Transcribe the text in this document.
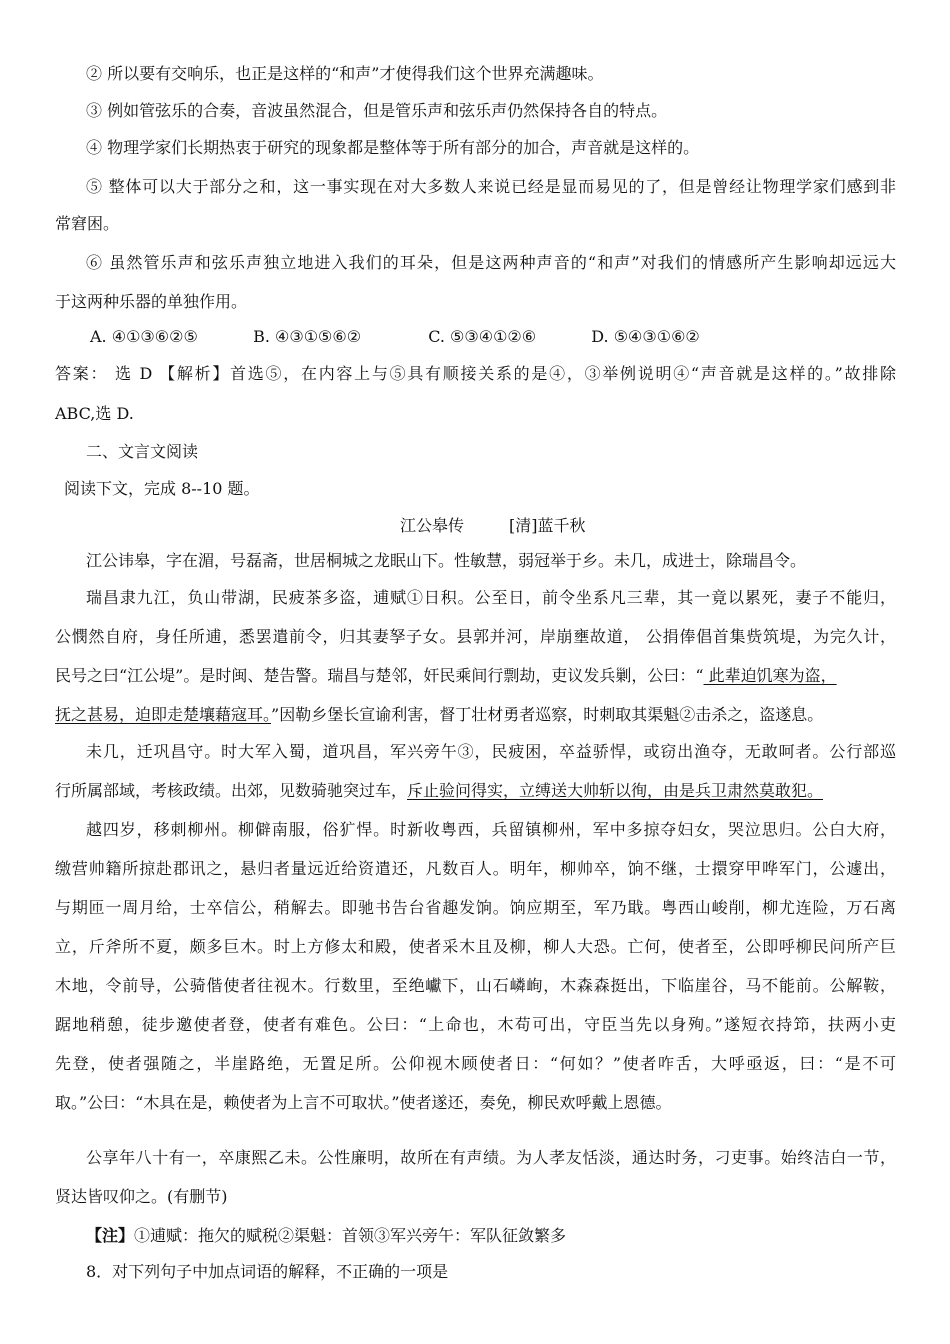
② 所以要有交响乐，也正是这样的“和声”才使得我们这个世界充满趣味。
③ 例如管弦乐的合奏，音波虽然混合，但是管乐声和弦乐声仍然保持各自的特点。
④ 物理学家们长期热衷于研究的现象都是整体等于所有部分的加合，声音就是这样的。
⑤ 整体可以大于部分之和，这一事实现在对大多数人来说已经是显而易见的了，但是曾经让物理学家们感到非
常窘困。
⑥ 虽然管乐声和弦乐声独立地进入我们的耳朵，但是这两种声音的“和声”对我们的情感所产生影响却远远大
于这两种乐器的单独作用。
A. ④①③⑥②⑤	B. ④③①⑤⑥②	C. ⑤③④①②⑥	D. ⑤④③①⑥②
答案： 选 D 【解析】首选⑤，在内容上与⑤具有顺接关系的是④，③举例说明④“声音就是这样的。”故排除
ABC,选 D.
二、文言文阅读
阅读下文，完成 8--10 题。
江公皋传	[清]蓝千秋
江公讳皋，字在湄，号磊斋，世居桐城之龙眠山下。性敏慧，弱冠举于乡。未几，成进士，除瑞昌令。
瑞昌隶九江，负山带湖，民疲茶多盗，逋赋①日积。公至日，前令坐系凡三辈，其一竟以累死，妻子不能归，
公憫然自府，身任所逋，悉罢遣前令，归其妻孥子女。县郭并河，岸崩壅故道， 公捐俸倡首集赀筑堤，为完久计，
民号之曰“江公堤”。是时闽、楚告警。瑞昌与楚邻，奸民乘间行剽劫，吏议发兵剿，公曰：“ 此辈迫饥寒为盗，
抚之甚易，迫即走楚壤藉寇耳。”因勒乡堡长宣谕利害，督丁壮材勇者巡察，时刺取其渠魁②击杀之，盗遂息。
未几，迁巩昌守。时大军入蜀，道巩昌，军兴旁午③，民疲困，卒益骄悍，或窃出渔夺，无敢呵者。公行部巡
行所属部域，考核政绩。出郊，见数骑驰突过车，斥止验问得实，立缚送大帅斩以徇，由是兵卫肃然莫敢犯。
越四岁，移刺柳州。柳僻南服，俗犷悍。时新收粤西，兵留镇柳州，军中多掠夺妇女，哭泣思归。公白大府，
缴营帅籍所掠赴郡讯之，悬归者量远近给资遣还，凡数百人。明年，柳帅卒，饷不继，士擐穿甲哗军门，公遽出，
与期匝一周月给，士卒信公，稍解去。即驰书告台省趣发饷。饷应期至，军乃戢。粤西山峻削，柳尤连险，万石离
立，斤斧所不夏，颇多巨木。时上方修太和殿，使者采木且及柳，柳人大恐。亡何，使者至，公即呼柳民问所产巨
木地，令前导，公骑偕使者往视木。行数里，至绝巘下，山石嶙峋，木森森挺出，下临崖谷，马不能前。公解鞍，
踞地稍憩，徒步邀使者登，使者有难色。公曰：“上命也，木苟可出，守臣当先以身殉。”遂短衣持笻，扶两小吏
先登，使者强随之，半崖路绝，无置足所。公仰视木顾使者日：“何如？”使者咋舌，大呼亟返，曰：“是不可
取。”公曰：“木具在是，赖使者为上言不可取状。”使者遂还，奏免，柳民欢呼戴上恩德。
公享年八十有一，卒康熙乙未。公性廉明，故所在有声绩。为人孝友恬淡，通达时务，刁吏事。始终洁白一节，
贤达皆叹仰之。(有删节)
【注】①逋赋：拖欠的赋税②渠魁：首领③军兴旁午：军队征敛繁多
8．对下列句子中加点词语的解释，不正确的一项是
